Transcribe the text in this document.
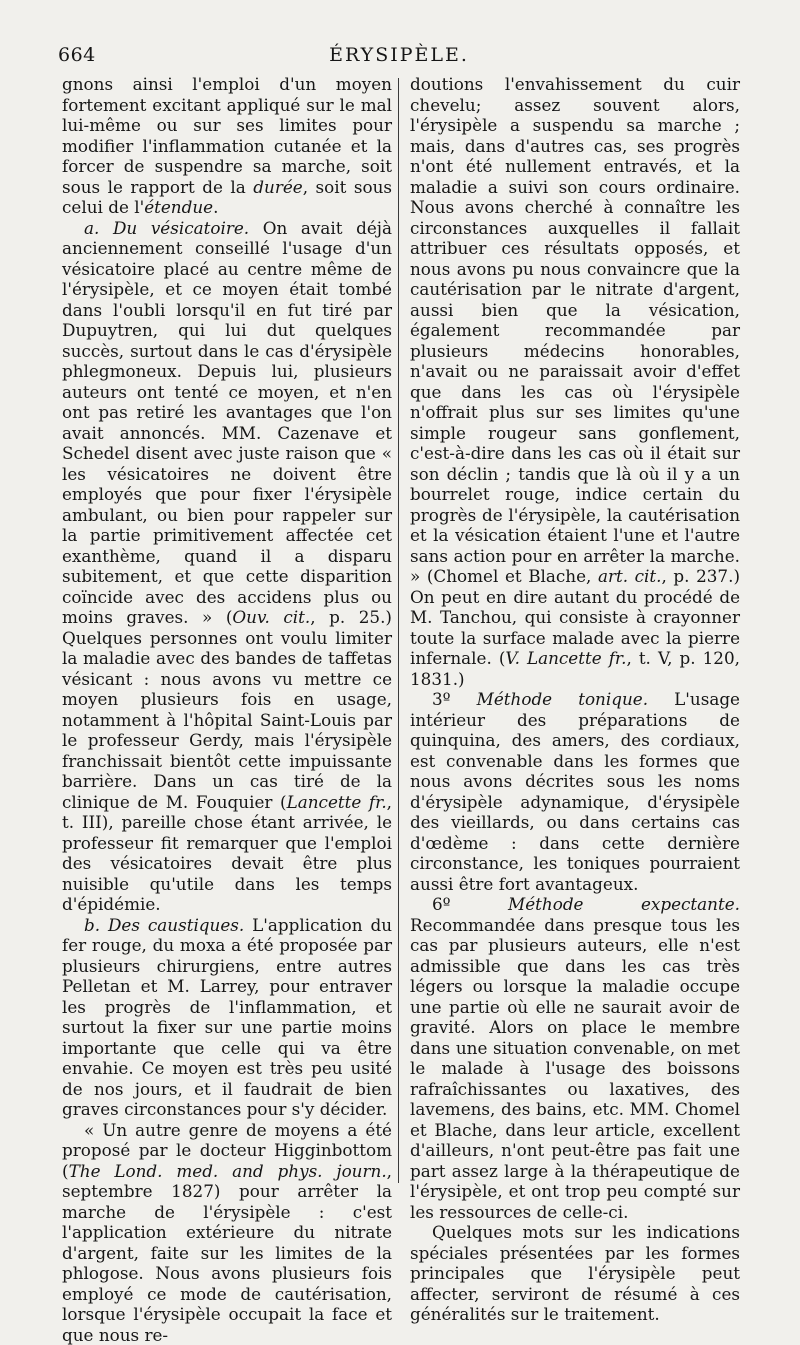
664	ÉRYSIPÈLE.

gnons ainsi l'emploi d'un moyen fortement excitant appliqué sur le mal lui-même ou sur ses limites pour modifier l'inflammation cutanée et la forcer de suspendre sa marche, soit sous le rapport de la durée, soit sous celui de l'étendue.

a. Du vésicatoire. On avait déjà anciennement conseillé l'usage d'un vésicatoire placé au centre même de l'érysipèle, et ce moyen était tombé dans l'oubli lorsqu'il en fut tiré par Dupuytren, qui lui dut quelques succès, surtout dans le cas d'érysipèle phlegmoneux. Depuis lui, plusieurs auteurs ont tenté ce moyen, et n'en ont pas retiré les avantages que l'on avait annoncés. MM. Cazenave et Schedel disent avec juste raison que « les vésicatoires ne doivent être employés que pour fixer l'érysipèle ambulant, ou bien pour rappeler sur la partie primitivement affectée cet exanthème, quand il a disparu subitement, et que cette disparition coïncide avec des accidens plus ou moins graves. » (Ouv. cit., p. 25.) Quelques personnes ont voulu limiter la maladie avec des bandes de taffetas vésicant : nous avons vu mettre ce moyen plusieurs fois en usage, notamment à l'hôpital Saint-Louis par le professeur Gerdy, mais l'érysipèle franchissait bientôt cette impuissante barrière. Dans un cas tiré de la clinique de M. Fouquier (Lancette fr., t. III), pareille chose étant arrivée, le professeur fit remarquer que l'emploi des vésicatoires devait être plus nuisible qu'utile dans les temps d'épidémie.

b. Des caustiques. L'application du fer rouge, du moxa a été proposée par plusieurs chirurgiens, entre autres Pelletan et M. Larrey, pour entraver les progrès de l'inflammation, et surtout la fixer sur une partie moins importante que celle qui va être envahie. Ce moyen est très peu usité de nos jours, et il faudrait de bien graves circonstances pour s'y décider.

« Un autre genre de moyens a été proposé par le docteur Higginbottom (The Lond. med. and phys. journ., septembre 1827) pour arrêter la marche de l'érysipèle : c'est l'application extérieure du nitrate d'argent, faite sur les limites de la phlogose. Nous avons plusieurs fois employé ce mode de cautérisation, lorsque l'érysipèle occupait la face et que nous re-

doutions l'envahissement du cuir chevelu; assez souvent alors, l'érysipèle a suspendu sa marche ; mais, dans d'autres cas, ses progrès n'ont été nullement entravés, et la maladie a suivi son cours ordinaire. Nous avons cherché à connaître les circonstances auxquelles il fallait attribuer ces résultats opposés, et nous avons pu nous convaincre que la cautérisation par le nitrate d'argent, aussi bien que la vésication, également recommandée par plusieurs médecins honorables, n'avait ou ne paraissait avoir d'effet que dans les cas où l'érysipèle n'offrait plus sur ses limites qu'une simple rougeur sans gonflement, c'est-à-dire dans les cas où il était sur son déclin ; tandis que là où il y a un bourrelet rouge, indice certain du progrès de l'érysipèle, la cautérisation et la vésication étaient l'une et l'autre sans action pour en arrêter la marche. » (Chomel et Blache, art. cit., p. 237.) On peut en dire autant du procédé de M. Tanchou, qui consiste à crayonner toute la surface malade avec la pierre infernale. (V. Lancette fr., t. V, p. 120, 1831.)

3º Méthode tonique. L'usage intérieur des préparations de quinquina, des amers, des cordiaux, est convenable dans les formes que nous avons décrites sous les noms d'érysipèle adynamique, d'érysipèle des vieillards, ou dans certains cas d'œdème : dans cette dernière circonstance, les toniques pourraient aussi être fort avantageux.

6º Méthode expectante. Recommandée dans presque tous les cas par plusieurs auteurs, elle n'est admissible que dans les cas très légers ou lorsque la maladie occupe une partie où elle ne saurait avoir de gravité. Alors on place le membre dans une situation convenable, on met le malade à l'usage des boissons rafraîchissantes ou laxatives, des lavemens, des bains, etc. MM. Chomel et Blache, dans leur article, excellent d'ailleurs, n'ont peut-être pas fait une part assez large à la thérapeutique de l'érysipèle, et ont trop peu compté sur les ressources de celle-ci.

Quelques mots sur les indications spéciales présentées par les formes principales que l'érysipèle peut affecter, serviront de résumé à ces généralités sur le traitement.
